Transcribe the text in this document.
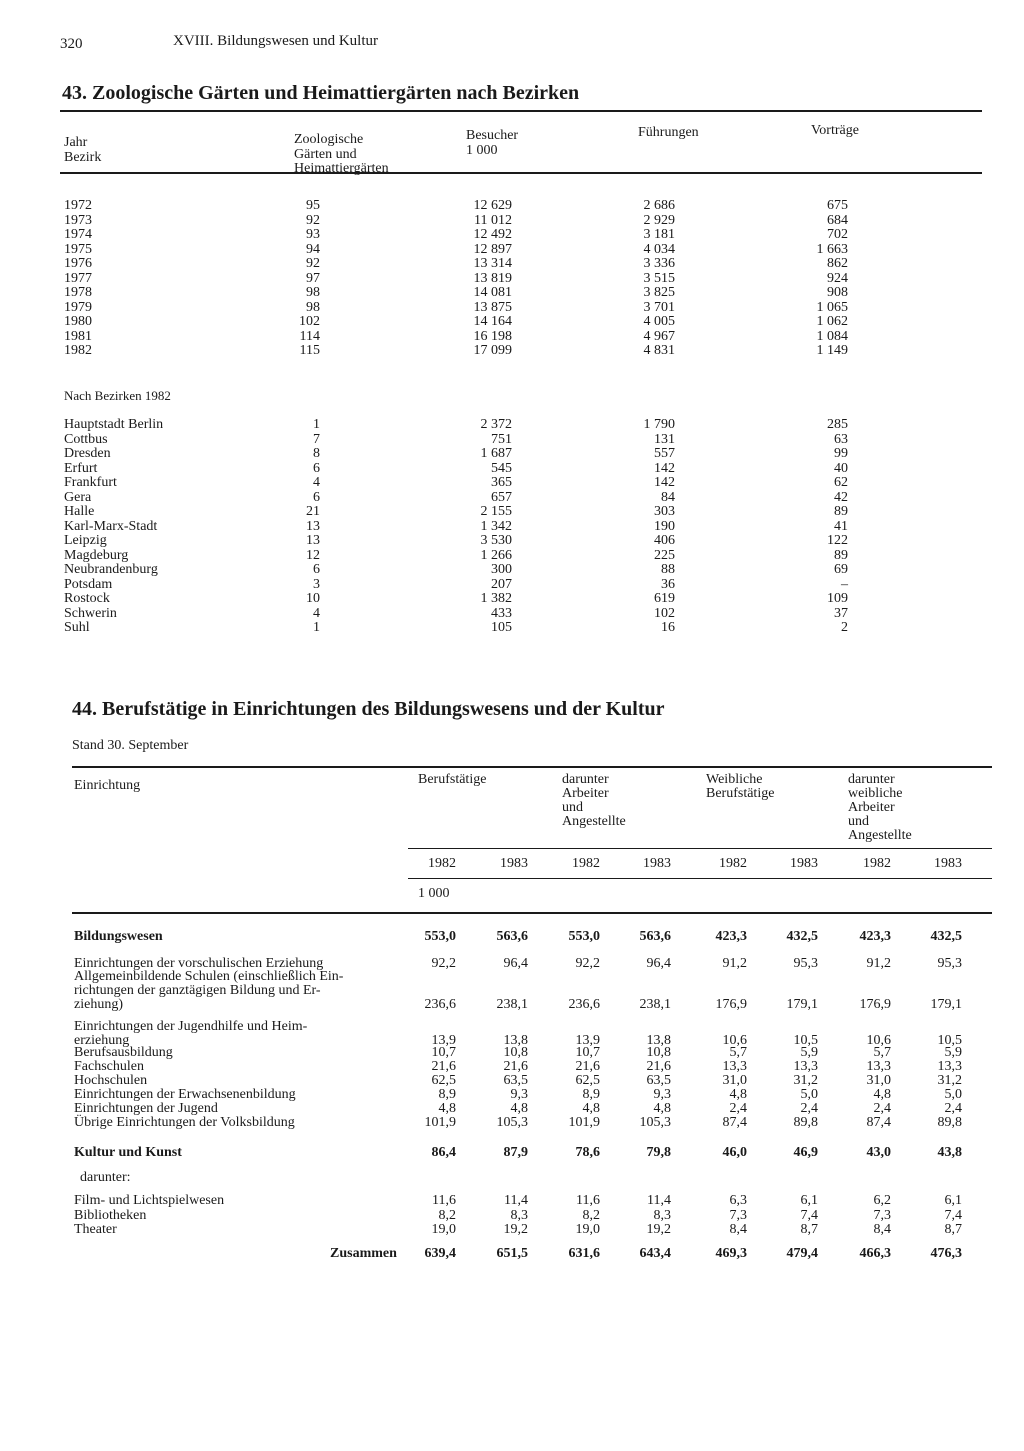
320	XVIII. Bildungswesen und Kultur
43. Zoologische Gärten und Heimattiergärten nach Bezirken
Jahr
Bezirk
Zoologische
Gärten und
Heimattiergärten
Besucher
1 000
Führungen	Vorträge
1972	95	12 629	2 686	675
1973	92	11 012	2 929	684
1974	93	12 492	3 181	702
1975	94	12 897	4 034	1 663
1976	92	13 314	3 336	862
1977	97	13 819	3 515	924
1978	98	14 081	3 825	908
1979	98	13 875	3 701	1 065
1980	102	14 164	4 005	1 062
1981	114	16 198	4 967	1 084
1982	115	17 099	4 831	1 149
Nach Bezirken 1982
Hauptstadt Berlin	1	2 372	1 790	285
Cottbus	7	751	131	63
Dresden	8	1 687	557	99
Erfurt	6	545	142	40
Frankfurt	4	365	142	62
Gera	6	657	84	42
Halle	21	2 155	303	89
Karl-Marx-Stadt	13	1 342	190	41
Leipzig	13	3 530	406	122
Magdeburg	12	1 266	225	89
Neubrandenburg	6	300	88	69
Potsdam	3	207	36	–
Rostock	10	1 382	619	109
Schwerin	4	433	102	37
Suhl	1	105	16	2
44. Berufstätige in Einrichtungen des Bildungswesens und der Kultur
Stand 30. September
Einrichtung	Berufstätige	darunter
Arbeiter
und
Angestellte
Weibliche
Berufstätige
darunter
weibliche
Arbeiter
und
Angestellte
1982	1983	1982	1983	1982	1983	1982	1983
1 000
Bildungswesen	553,0	563,6	553,0	563,6	423,3	432,5	423,3	432,5
Einrichtungen der vorschulischen Erziehung	92,2	96,4	92,2	96,4	91,2	95,3	91,2	95,3
Allgemeinbildende Schulen (einschließlich Ein-
richtungen der ganztägigen Bildung und Er-
ziehung)	236,6	238,1	236,6	238,1	176,9	179,1	176,9	179,1
Einrichtungen der Jugendhilfe und Heim-
erziehung	13,9	13,8	13,9	13,8	10,6	10,5	10,6	10,5
Berufsausbildung	10,7	10,8	10,7	10,8	5,7	5,9	5,7	5,9
Fachschulen	21,6	21,6	21,6	21,6	13,3	13,3	13,3	13,3
Hochschulen	62,5	63,5	62,5	63,5	31,0	31,2	31,0	31,2
Einrichtungen der Erwachsenenbildung	8,9	9,3	8,9	9,3	4,8	5,0	4,8	5,0
Einrichtungen der Jugend	4,8	4,8	4,8	4,8	2,4	2,4	2,4	2,4
Übrige Einrichtungen der Volksbildung	101,9	105,3	101,9	105,3	87,4	89,8	87,4	89,8
Kultur und Kunst	86,4	87,9	78,6	79,8	46,0	46,9	43,0	43,8
darunter:
Film- und Lichtspielwesen	11,6	11,4	11,6	11,4	6,3	6,1	6,2	6,1
Bibliotheken	8,2	8,3	8,2	8,3	7,3	7,4	7,3	7,4
Theater	19,0	19,2	19,0	19,2	8,4	8,7	8,4	8,7
Zusammen 639,4	651,5	631,6	643,4	469,3	479,4	466,3	476,3
